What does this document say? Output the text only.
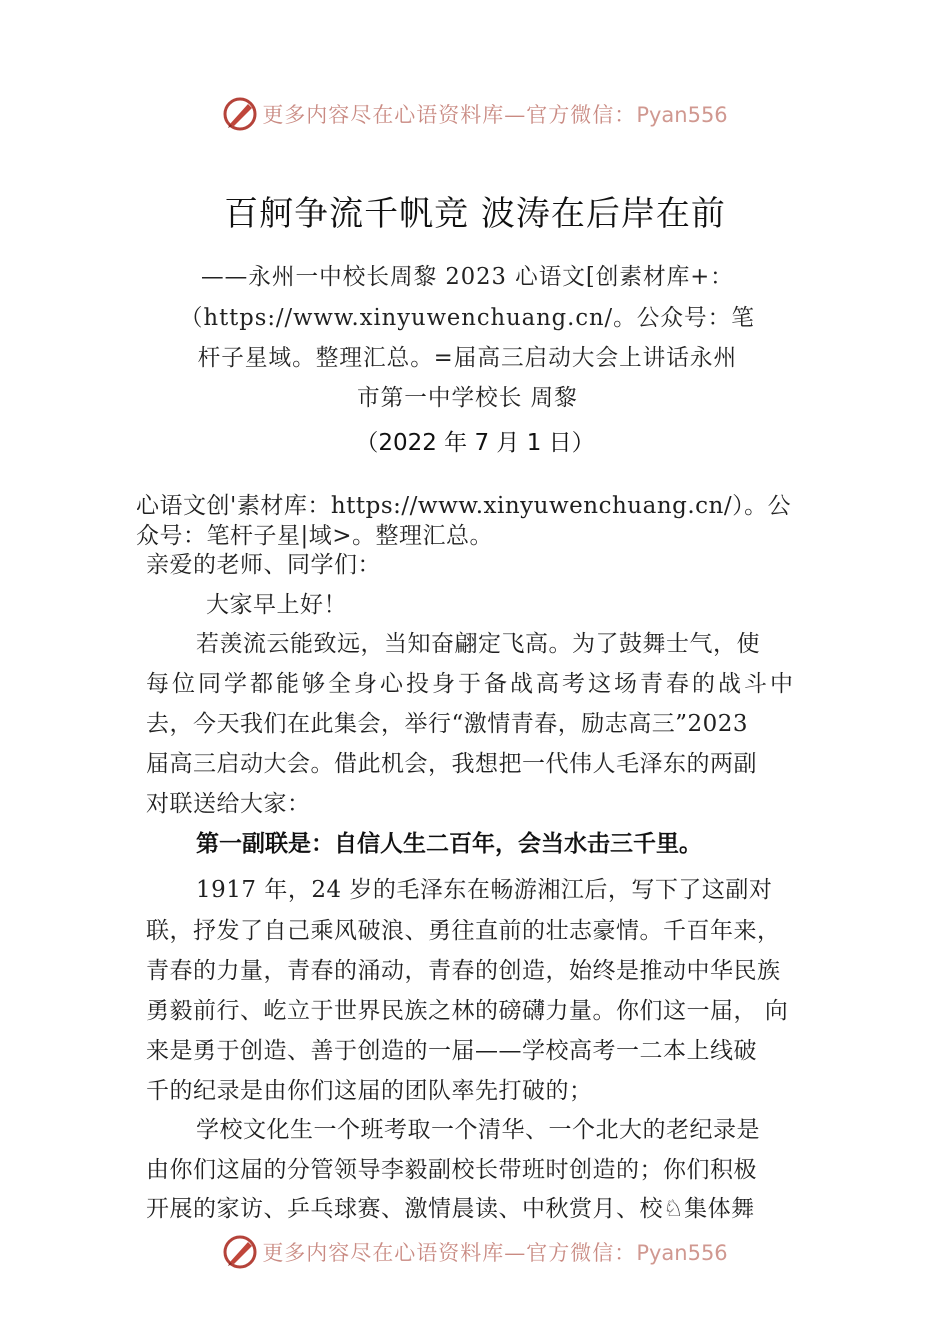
更多内容尽在心语资料库—官方微信：Pyan556
百舸争流千帆竞 波涛在后岸在前
——永州一中校长周黎 2023 心语文[创素材库+：
（https://www.xinyuwenchuang.cn/。公众号：笔
杆子星域。整理汇总。=届高三启动大会上讲话永州
市第一中学校长 周黎
（2022 年 7 月 1 日）
心语文创'素材库：https://www.xinyuwenchuang.cn/）。公
众号：笔杆子星|域>。整理汇总。
亲爱的老师、同学们：
大家早上好！
若羡流云能致远，当知奋翩定飞高。为了鼓舞士气，使
每位同学都能够全身心投身于备战高考这场青春的战斗中
去，今天我们在此集会，举行“激情青春，励志高三”2023
届高三启动大会。借此机会，我想把一代伟人毛泽东的两副
对联送给大家：
第一副联是：自信人生二百年，会当水击三千里。
1917 年，24 岁的毛泽东在畅游湘江后，写下了这副对
联，抒发了自己乘风破浪、勇往直前的壮志豪情。千百年来，
青春的力量，青春的涌动，青春的创造，始终是推动中华民族
勇毅前行、屹立于世界民族之林的磅礴力量。你们这一届， 向
来是勇于创造、善于创造的一届——学校高考一二本上线破
千的纪录是由你们这届的团队率先打破的；
学校文化生一个班考取一个清华、一个北大的老纪录是
由你们这届的分管领导李毅副校长带班时创造的；你们积极
开展的家访、乒乓球赛、激情晨读、中秋赏月、校♘集体舞
更多内容尽在心语资料库—官方微信：Pyan556
